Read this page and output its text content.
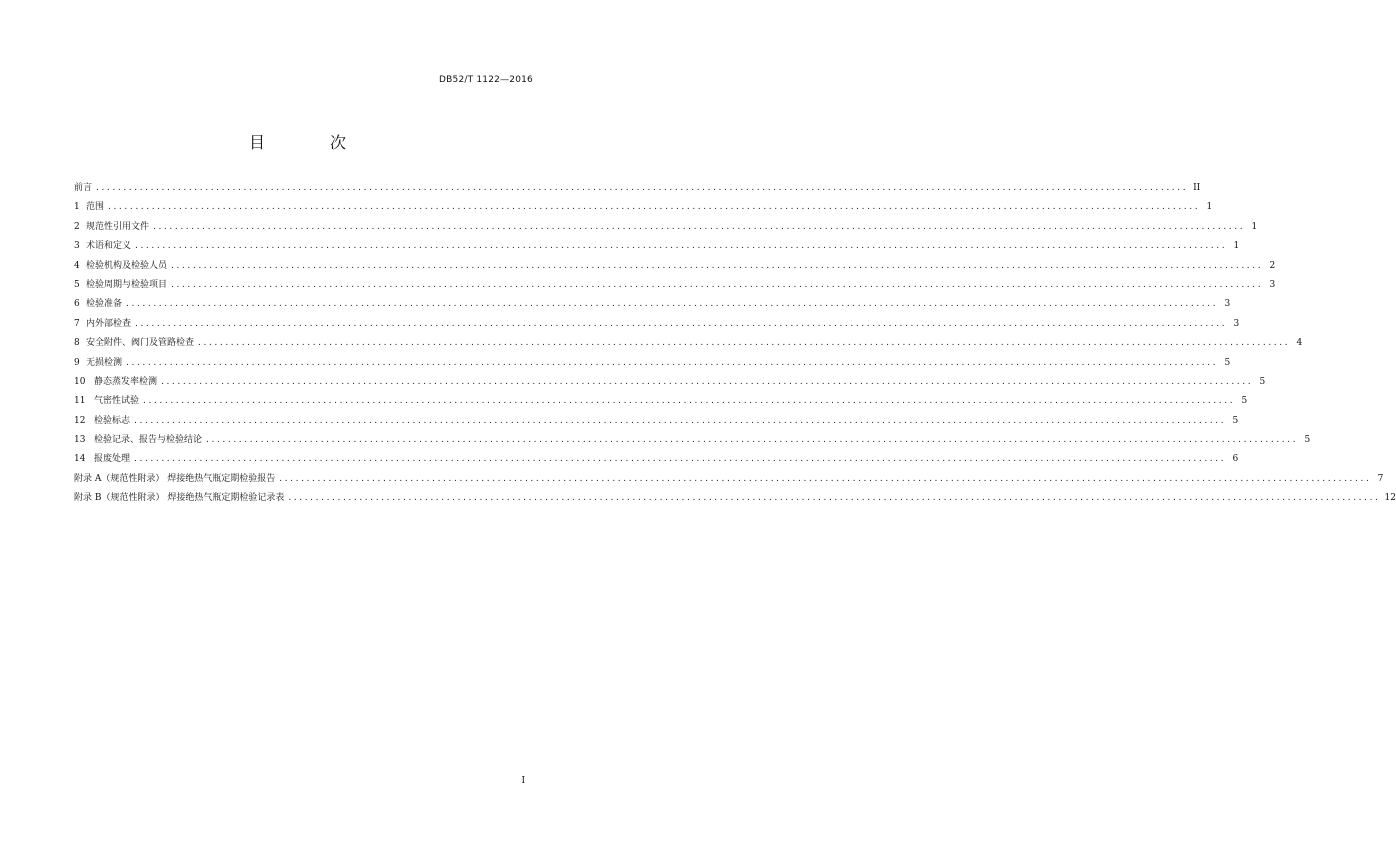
DB52/T 1122—2016
目 次
前言 ........................................................................................................................................................................................................ II
1 范围 ........................................................................................................................................................................................................ 1
2 规范性引用文件 ........................................................................................................................................................................................................ 1
3 术语和定义 ........................................................................................................................................................................................................ 1
4 检验机构及检验人员 ........................................................................................................................................................................................................ 2
5 检验周期与检验项目 ........................................................................................................................................................................................................ 3
6 检验准备 ........................................................................................................................................................................................................ 3
7 内外部检查 ........................................................................................................................................................................................................ 3
8 安全附件、阀门及管路检查 ........................................................................................................................................................................................................ 4
9 无损检测 ........................................................................................................................................................................................................ 5
10 静态蒸发率检测 ........................................................................................................................................................................................................ 5
11 气密性试验 ........................................................................................................................................................................................................ 5
12 检验标志 ........................................................................................................................................................................................................ 5
13 检验记录、报告与检验结论 ........................................................................................................................................................................................................ 5
14 报废处理 ........................................................................................................................................................................................................ 6
附录 A（规范性附录） 焊接绝热气瓶定期检验报告 ........................................................................................................................................................................................................ 7
附录 B（规范性附录） 焊接绝热气瓶定期检验记录表 ........................................................................................................................................................................................................ 12
I
